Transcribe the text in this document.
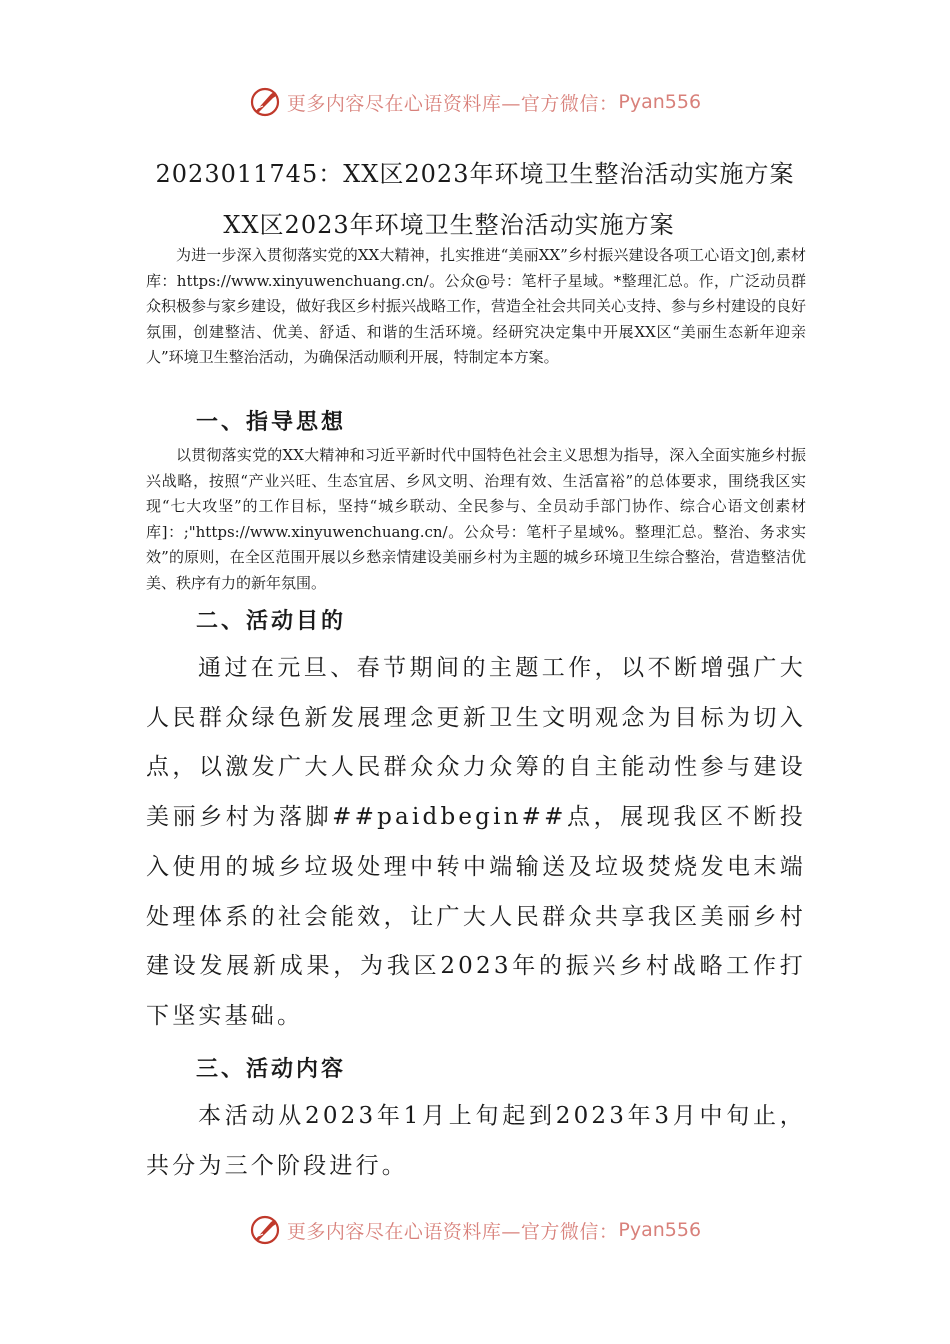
更多内容尽在心语资料库—官方微信： Pyan556
2023011745：XX区2023年环境卫生整治活动实施方案
XX区2023年环境卫生整治活动实施方案

为进一步深入贯彻落实党的XX大精神，扎实推进“美丽XX”乡村振兴建设各项工心语文]创,素材库：https://www.xinyuwenchuang.cn/。公众@号：笔杆子星域。*整理汇总。作，广泛动员群众积极参与家乡建设，做好我区乡村振兴战略工作，营造全社会共同关心支持、参与乡村建设的良好氛围，创建整洁、优美、舒适、和谐的生活环境。经研究决定集中开展XX区“美丽生态新年迎亲人”环境卫生整治活动，为确保活动顺利开展，特制定本方案。

一、指导思想

以贯彻落实党的XX大精神和习近平新时代中国特色社会主义思想为指导，深入全面实施乡村振兴战略，按照“产业兴旺、生态宜居、乡风文明、治理有效、生活富裕”的总体要求，围绕我区实现“七大攻坚”的工作目标，坚持“城乡联动、全民参与、全员动手部门协作、综合心语文创素材库]：;"https://www.xinyuwenchuang.cn/。公众号：笔杆子星域%。整理汇总。整治、务求实效”的原则，在全区范围开展以乡愁亲情建设美丽乡村为主题的城乡环境卫生综合整治，营造整洁优美、秩序有力的新年氛围。

二、活动目的

通过在元旦、春节期间的主题工作，以不断增强广大人民群众绿色新发展理念更新卫生文明观念为目标为切入点，以激发广大人民群众众力众筹的自主能动性参与建设美丽乡村为落脚##paidbegin##点，展现我区不断投入使用的城乡垃圾处理中转中端输送及垃圾焚烧发电末端处理体系的社会能效，让广大人民群众共享我区美丽乡村建设发展新成果，为我区2023年的振兴乡村战略工作打下坚实基础。

三、活动内容

本活动从2023年1月上旬起到2023年3月中旬止，共分为三个阶段进行。

更多内容尽在心语资料库—官方微信： Pyan556
